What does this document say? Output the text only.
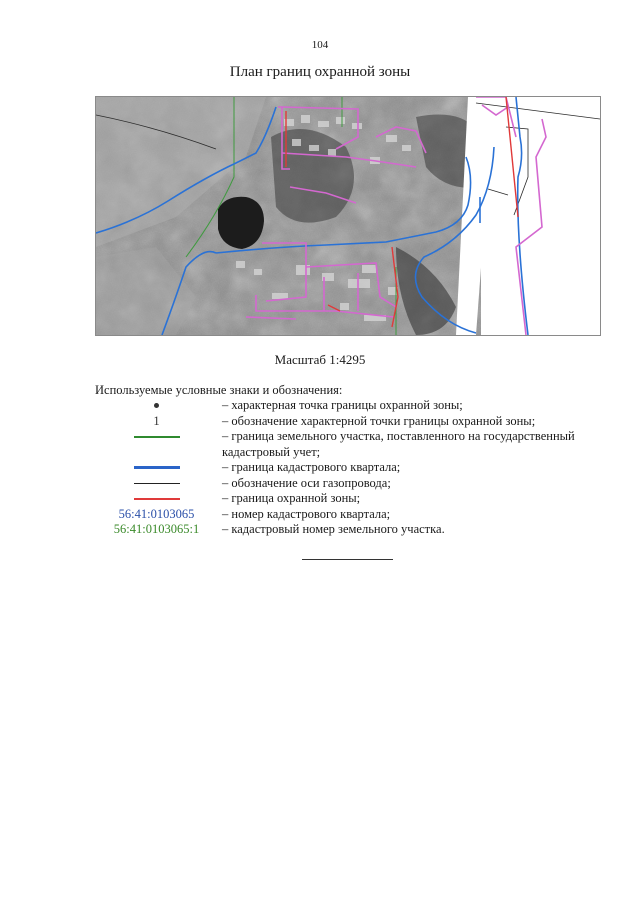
104
План границ охранной зоны
Масштаб 1:4295
Используемые условные знаки и обозначения:
– характерная точка границы охранной зоны;
1	– обозначение характерной точки границы охранной зоны;
– граница земельного участка, поставленного на государственный кадастровый учет;
– граница кадастрового квартала;
– обозначение оси газопровода;
– граница охранной зоны;
56:41:0103065	– номер кадастрового квартала;
56:41:0103065:1	– кадастровый номер земельного участка.
